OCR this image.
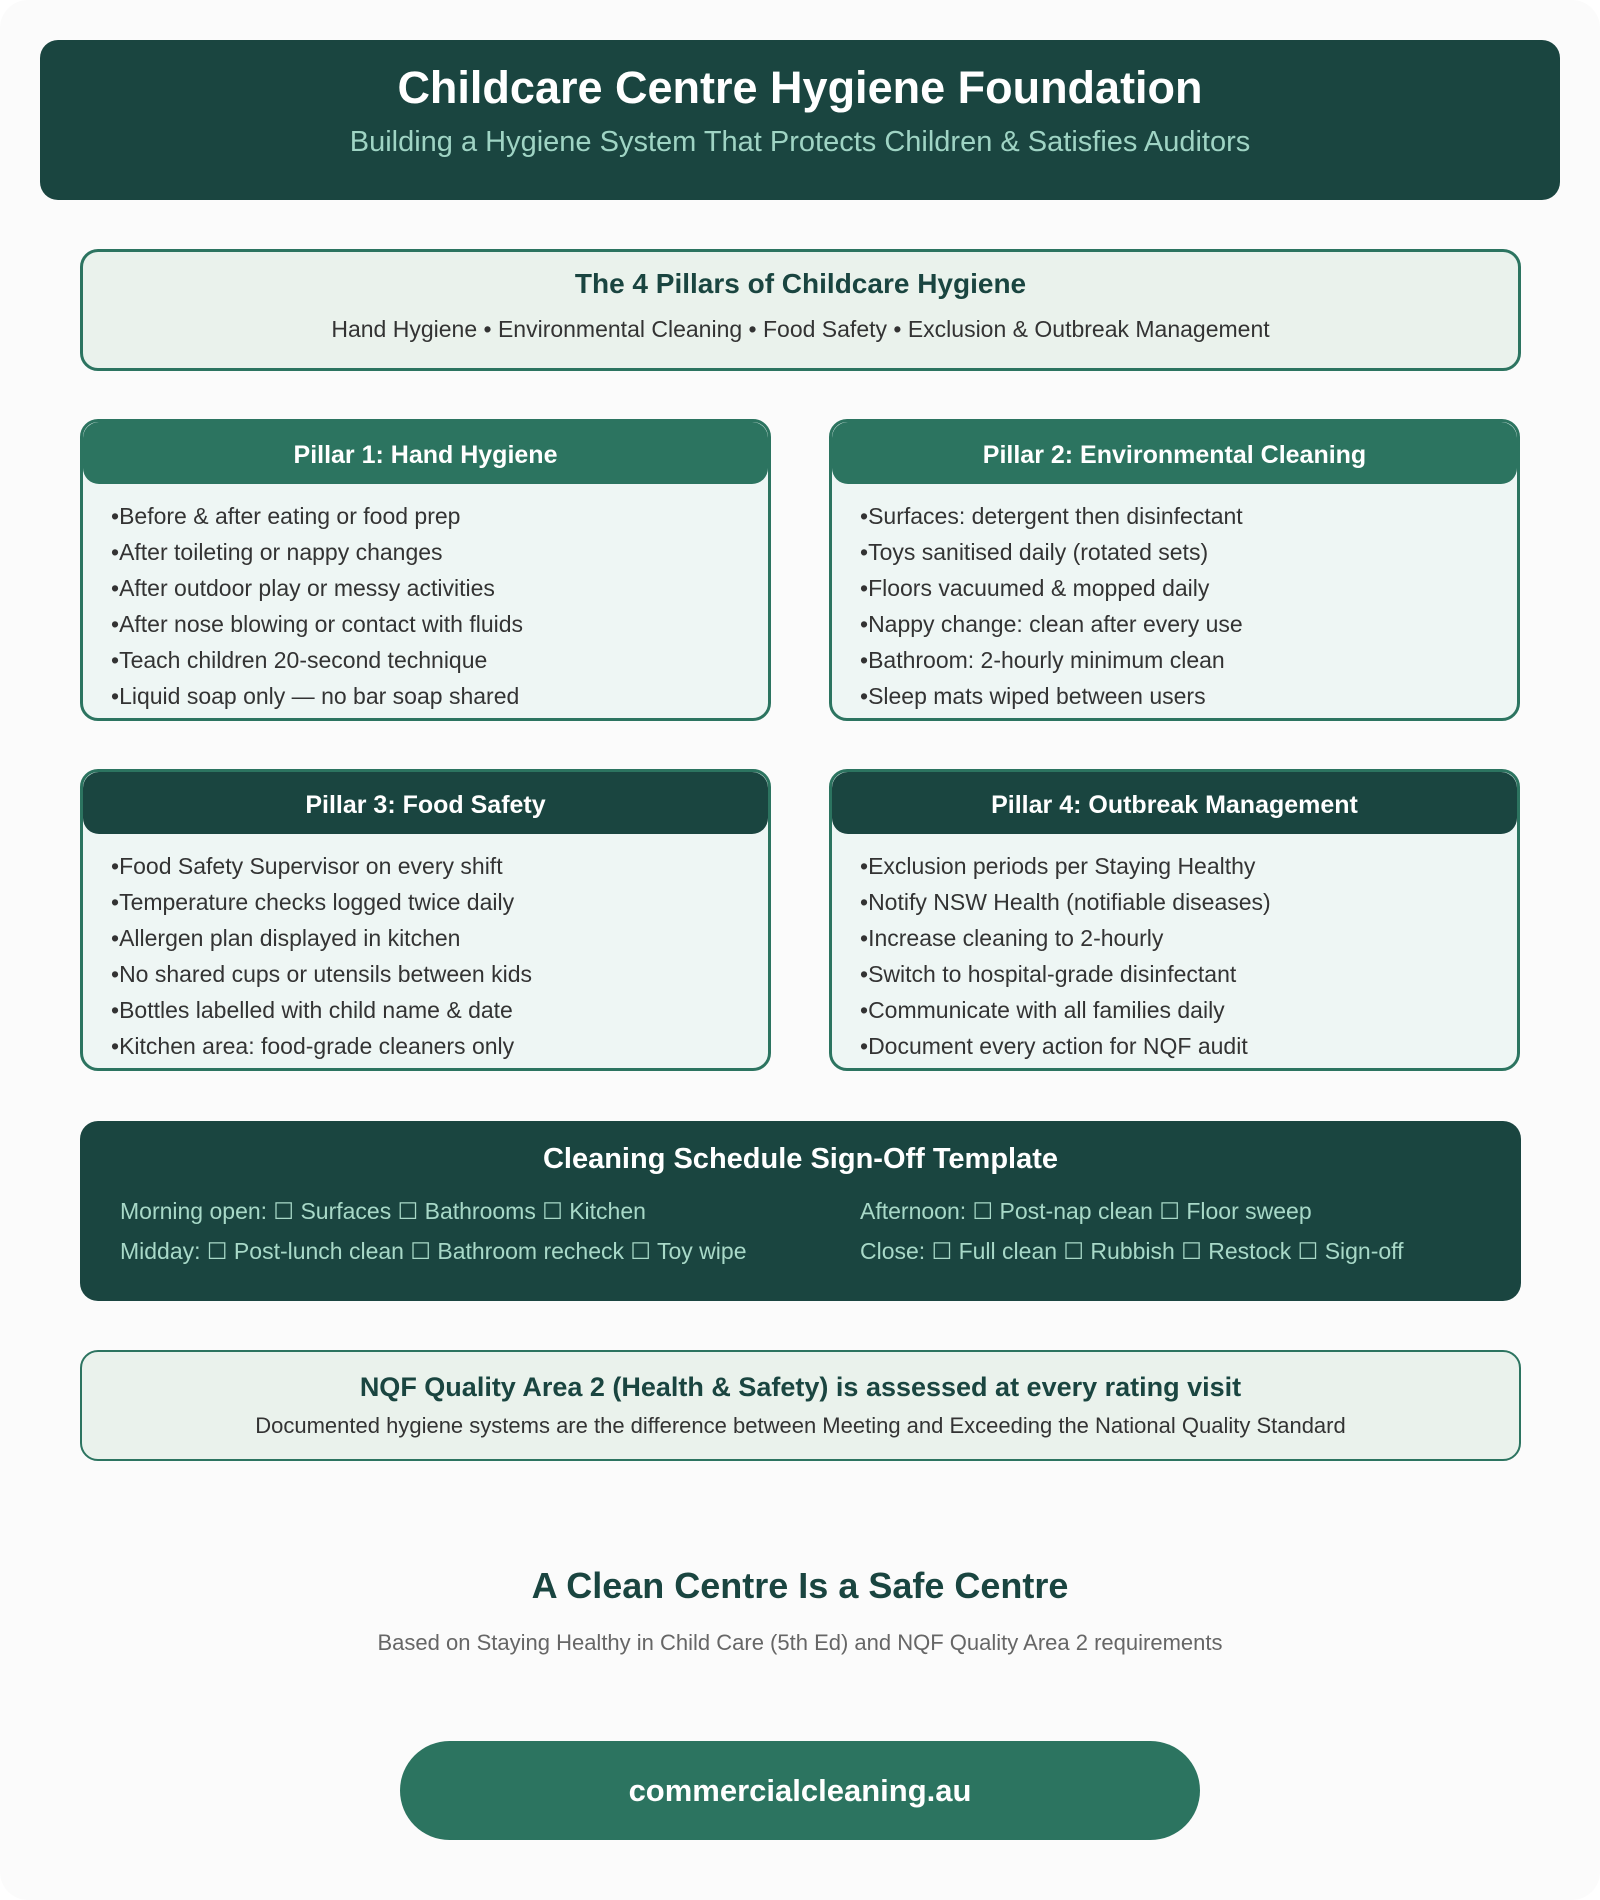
Childcare Centre Hygiene Foundation
Building a Hygiene System That Protects Children & Satisfies Auditors
The 4 Pillars of Childcare Hygiene
Hand Hygiene • Environmental Cleaning • Food Safety • Exclusion & Outbreak Management
Pillar 1: Hand Hygiene
• Before & after eating or food prep
• After toileting or nappy changes
• After outdoor play or messy activities
• After nose blowing or contact with fluids
• Teach children 20-second technique
• Liquid soap only — no bar soap shared
Pillar 2: Environmental Cleaning
• Surfaces: detergent then disinfectant
• Toys sanitised daily (rotated sets)
• Floors vacuumed & mopped daily
• Nappy change: clean after every use
• Bathroom: 2-hourly minimum clean
• Sleep mats wiped between users
Pillar 3: Food Safety
• Food Safety Supervisor on every shift
• Temperature checks logged twice daily
• Allergen plan displayed in kitchen
• No shared cups or utensils between kids
• Bottles labelled with child name & date
• Kitchen area: food-grade cleaners only
Pillar 4: Outbreak Management
• Exclusion periods per Staying Healthy
• Notify NSW Health (notifiable diseases)
• Increase cleaning to 2-hourly
• Switch to hospital-grade disinfectant
• Communicate with all families daily
• Document every action for NQF audit
Cleaning Schedule Sign-Off Template
Morning open: ☐ Surfaces ☐ Bathrooms ☐ Kitchen
Midday: ☐ Post-lunch clean ☐ Bathroom recheck ☐ Toy wipe
Afternoon: ☐ Post-nap clean ☐ Floor sweep
Close: ☐ Full clean ☐ Rubbish ☐ Restock ☐ Sign-off
NQF Quality Area 2 (Health & Safety) is assessed at every rating visit
Documented hygiene systems are the difference between Meeting and Exceeding the National Quality Standard
A Clean Centre Is a Safe Centre
Based on Staying Healthy in Child Care (5th Ed) and NQF Quality Area 2 requirements
commercialcleaning.au
